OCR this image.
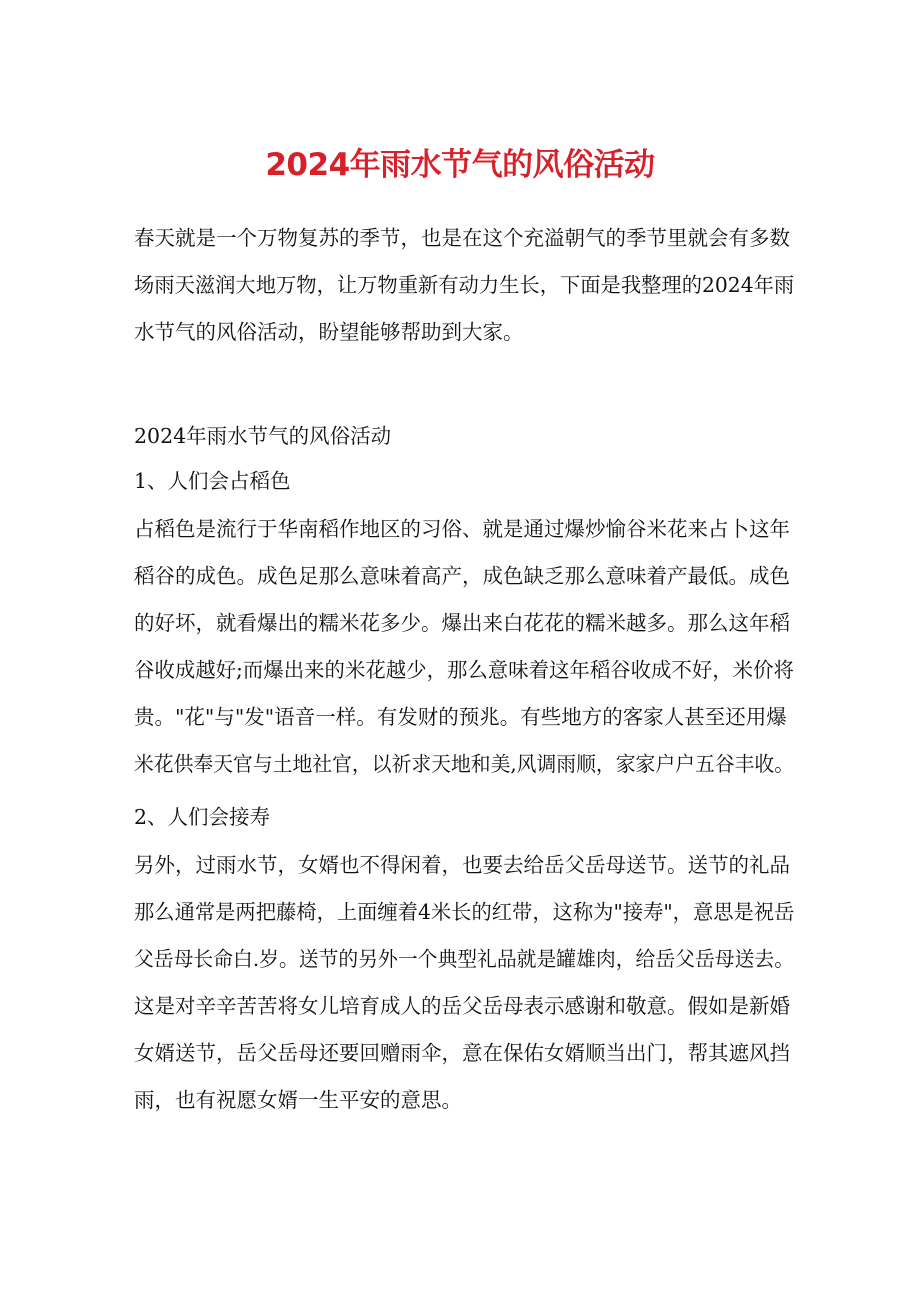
2024年雨水节气的风俗活动
春天就是一个万物复苏的季节，也是在这个充溢朝气的季节里就会有多数
场雨天滋润大地万物，让万物重新有动力生长，下面是我整理的2024年雨
水节气的风俗活动，盼望能够帮助到大家。
2024年雨水节气的风俗活动
1、人们会占稻色
占稻色是流行于华南稻作地区的习俗、就是通过爆炒愉谷米花来占卜这年
稻谷的成色。成色足那么意味着高产，成色缺乏那么意味着产最低。成色
的好坏，就看爆出的糯米花多少。爆出来白花花的糯米越多。那么这年稻
谷收成越好;而爆出来的米花越少，那么意味着这年稻谷收成不好，米价将
贵。"花"与"发"语音一样。有发财的预兆。有些地方的客家人甚至还用爆
米花供奉天官与土地社官，以祈求天地和美,风调雨顺，家家户户五谷丰收。
2、人们会接寿
另外，过雨水节，女婿也不得闲着，也要去给岳父岳母送节。送节的礼品
那么通常是两把藤椅，上面缠着4米长的红带，这称为"接寿"，意思是祝岳
父岳母长命白.岁。送节的另外一个典型礼品就是罐雄肉，给岳父岳母送去。
这是对辛辛苦苦将女儿培育成人的岳父岳母表示感谢和敬意。假如是新婚
女婿送节，岳父岳母还要回赠雨伞，意在保佑女婿顺当出门，帮其遮风挡
雨，也有祝愿女婿一生平安的意思。
